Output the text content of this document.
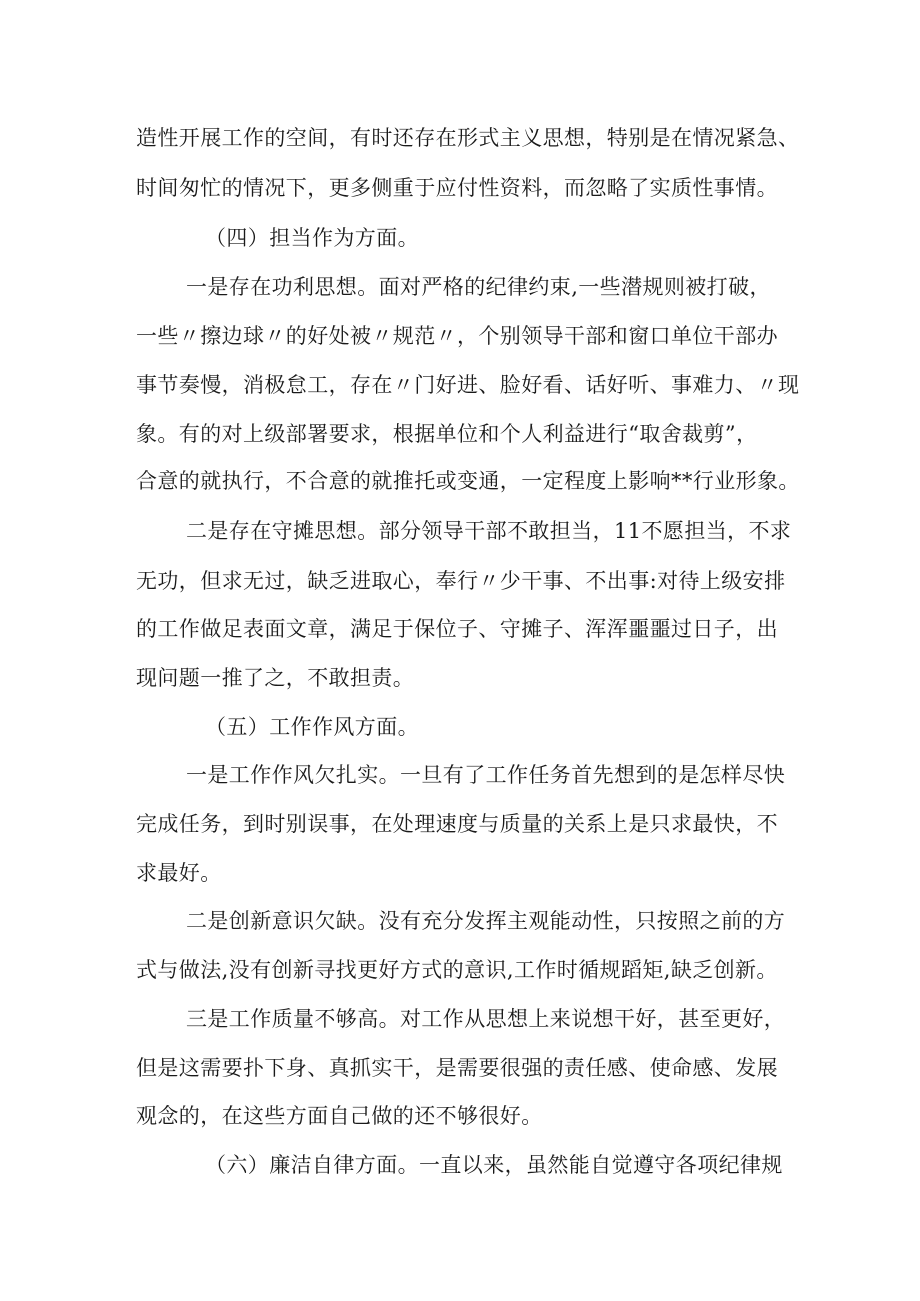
造性开展工作的空间，有时还存在形式主义思想，特别是在情况紧急、
时间匆忙的情况下，更多侧重于应付性资料，而忽略了实质性事情。
（四）担当作为方面。
一是存在功利思想。面对严格的纪律约束,一些潜规则被打破，
一些〃擦边球〃的好处被〃规范〃，个别领导干部和窗口单位干部办
事节奏慢，消极怠工，存在〃门好进、脸好看、话好听、事难力、〃现
象。有的对上级部署要求，根据单位和个人利益进行“取舍裁剪”，
合意的就执行，不合意的就推托或变通，一定程度上影响**行业形象。
二是存在守摊思想。部分领导干部不敢担当，11不愿担当，不求
无功，但求无过，缺乏进取心，奉行〃少干事、不出事:对待上级安排
的工作做足表面文章，满足于保位子、守摊子、浑浑噩噩过日子，出
现问题一推了之，不敢担责。
（五）工作作风方面。
一是工作作风欠扎实。一旦有了工作任务首先想到的是怎样尽快
完成任务，到时别误事，在处理速度与质量的关系上是只求最快，不
求最好。
二是创新意识欠缺。没有充分发挥主观能动性，只按照之前的方
式与做法,没有创新寻找更好方式的意识,工作时循规蹈矩,缺乏创新。
三是工作质量不够高。对工作从思想上来说想干好，甚至更好，
但是这需要扑下身、真抓实干，是需要很强的责任感、使命感、发展
观念的，在这些方面自己做的还不够很好。
（六）廉洁自律方面。一直以来，虽然能自觉遵守各项纪律规
